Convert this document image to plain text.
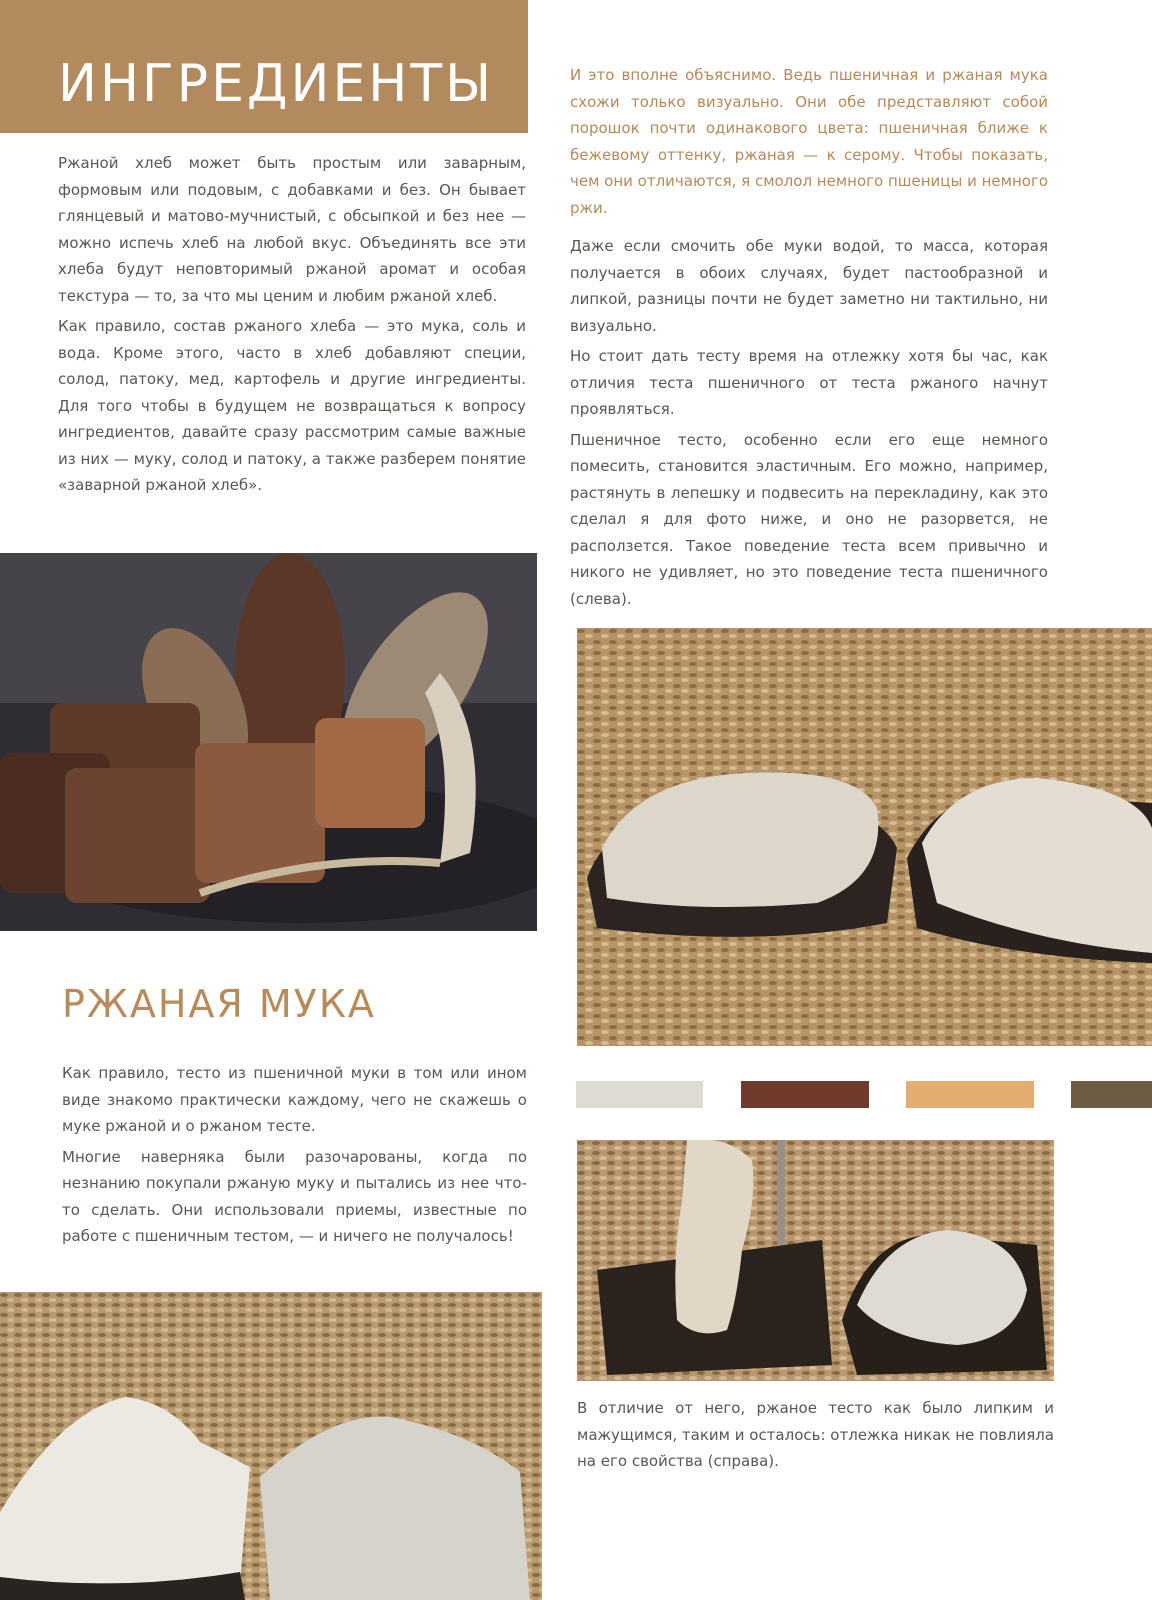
ИНГРЕДИЕНТЫ

Ржаной хлеб может быть простым или заварным, формовым или подовым, с добавками и без. Он бывает глянцевый и матово-мучнистый, с обсыпкой и без нее — можно испечь хлеб на любой вкус. Объединять все эти хлеба будут неповторимый ржаной аромат и особая текстура — то, за что мы ценим и любим ржаной хлеб.

Как правило, состав ржаного хлеба — это мука, соль и вода. Кроме этого, часто в хлеб добавляют специи, солод, патоку, мед, картофель и другие ингредиенты. Для того чтобы в будущем не возвращаться к вопросу ингредиентов, давайте сразу рассмотрим самые важные из них — муку, солод и патоку, а также разберем понятие «заварной ржаной хлеб».

И это вполне объяснимо. Ведь пшеничная и ржаная мука схожи только визуально. Они обе представляют собой порошок почти одинакового цвета: пшеничная ближе к бежевому оттенку, ржаная — к серому. Чтобы показать, чем они отличаются, я смолол немного пшеницы и немного ржи.

Даже если смочить обе муки водой, то масса, которая получается в обоих случаях, будет пастообразной и липкой, разницы почти не будет заметно ни тактильно, ни визуально.

Но стоит дать тесту время на отлежку хотя бы час, как отличия теста пшеничного от теста ржаного начнут проявляться.

Пшеничное тесто, особенно если его еще немного помесить, становится эластичным. Его можно, например, растянуть в лепешку и подвесить на перекладину, как это сделал я для фото ниже, и оно не разорвется, не расползется. Такое поведение теста всем привычно и никого не удивляет, но это поведение теста пшеничного (слева).

РЖАНАЯ МУКА

Как правило, тесто из пшеничной муки в том или ином виде знакомо практически каждому, чего не скажешь о муке ржаной и о ржаном тесте.

Многие наверняка были разочарованы, когда по незнанию покупали ржаную муку и пытались из нее что-то сделать. Они использовали приемы, известные по работе с пшеничным тестом, — и ничего не получалось!

В отличие от него, ржаное тесто как было липким и мажущимся, таким и осталось: отлежка никак не повлияла на его свойства (справа).
